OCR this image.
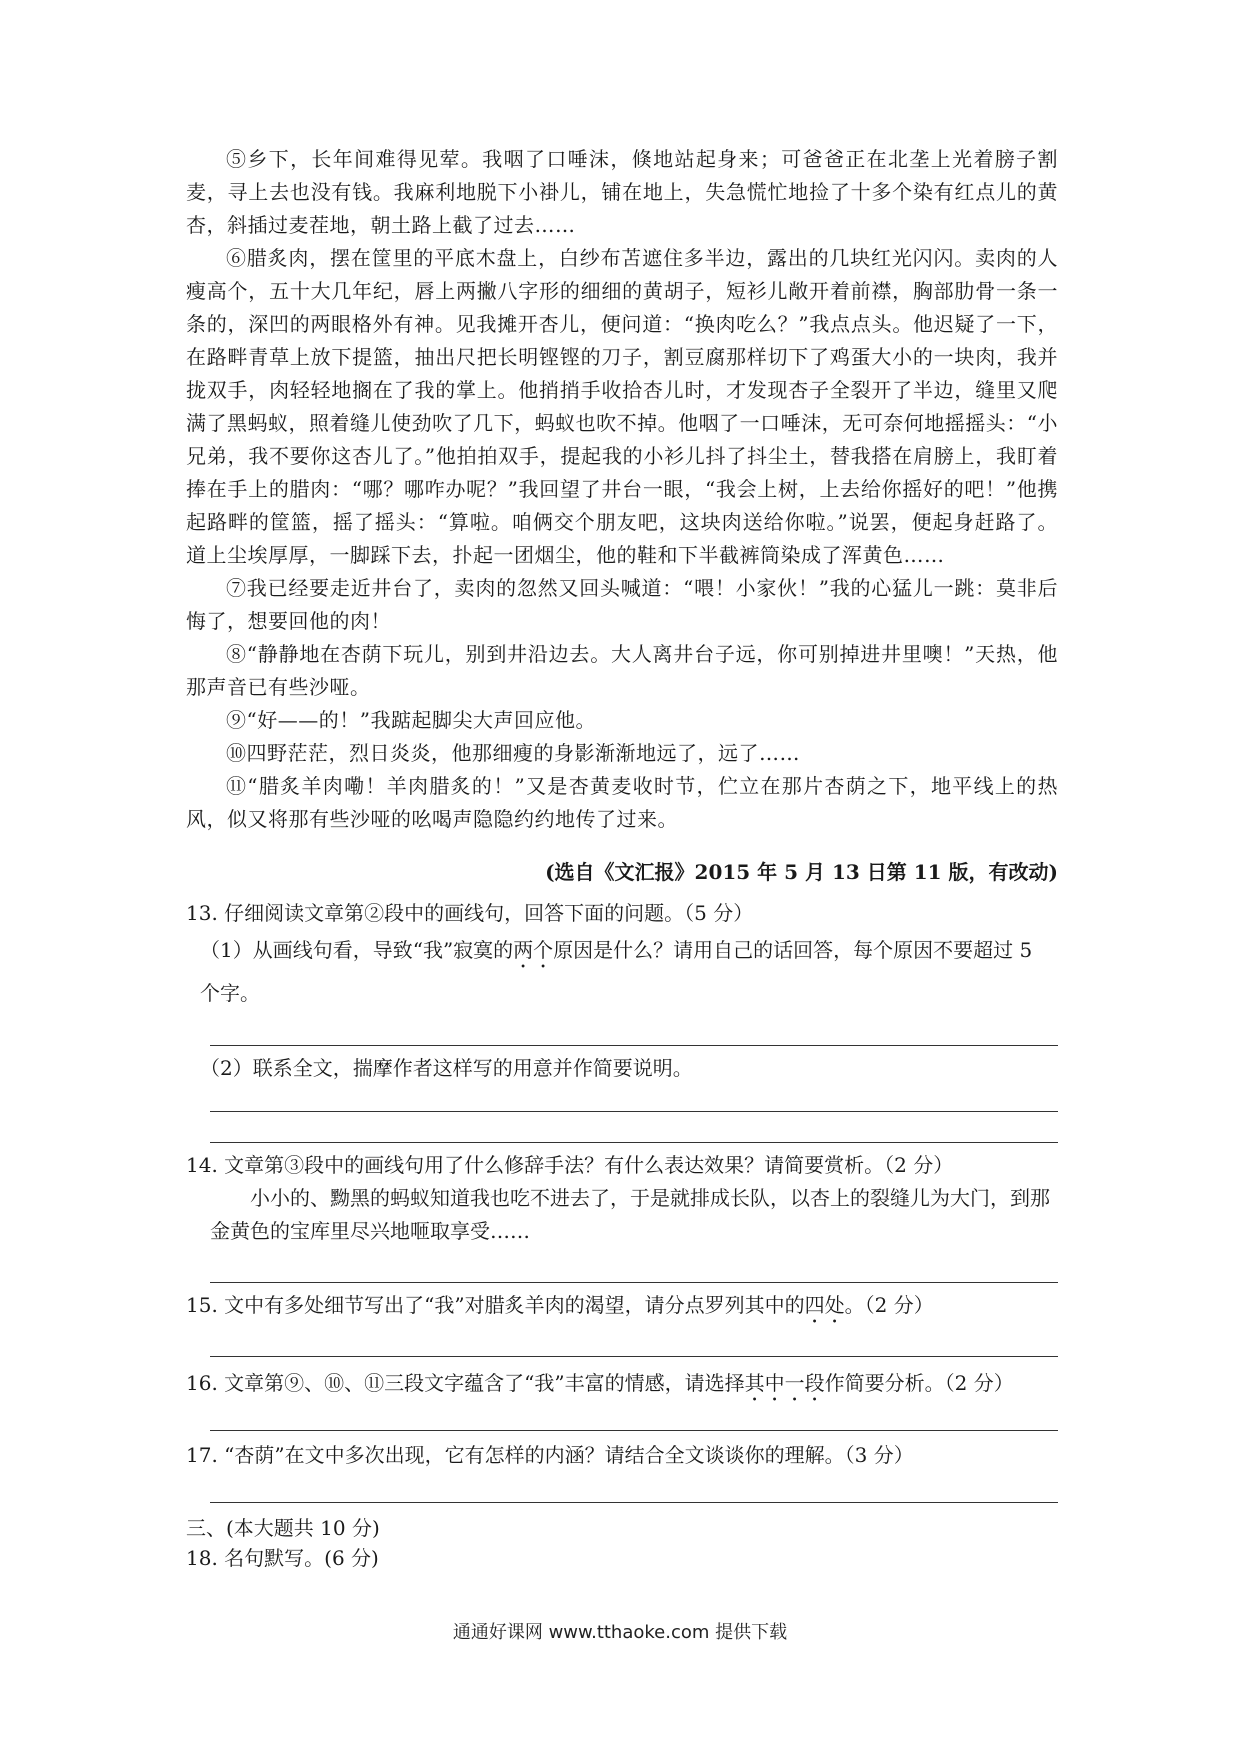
⑤乡下，长年间难得见荤。我咽了口唾沫，倏地站起身来；可爸爸正在北垄上光着膀子割麦，寻上去也没有钱。我麻利地脱下小褂儿，铺在地上，失急慌忙地捡了十多个染有红点儿的黄杏，斜插过麦茬地，朝土路上截了过去……

⑥腊炙肉，摆在筐里的平底木盘上，白纱布苫遮住多半边，露出的几块红光闪闪。卖肉的人瘦高个，五十大几年纪，唇上两撇八字形的细细的黄胡子，短衫儿敞开着前襟，胸部肋骨一条一条的，深凹的两眼格外有神。见我摊开杏儿，便问道：“换肉吃么？”我点点头。他迟疑了一下，在路畔青草上放下提篮，抽出尺把长明铿铿的刀子，割豆腐那样切下了鸡蛋大小的一块肉，我并拢双手，肉轻轻地搁在了我的掌上。他捎捎手收拾杏儿时，才发现杏子全裂开了半边，缝里又爬满了黑蚂蚁，照着缝儿使劲吹了几下，蚂蚁也吹不掉。他咽了一口唾沫，无可奈何地摇摇头：“小兄弟，我不要你这杏儿了。”他拍拍双手，提起我的小衫儿抖了抖尘土，替我搭在肩膀上，我盯着捧在手上的腊肉：“哪？哪咋办呢？”我回望了井台一眼，“我会上树，上去给你摇好的吧！”他携起路畔的筐篮，摇了摇头：“算啦。咱俩交个朋友吧，这块肉送给你啦。”说罢，便起身赶路了。道上尘埃厚厚，一脚踩下去，扑起一团烟尘，他的鞋和下半截裤筒染成了浑黄色……

⑦我已经要走近井台了，卖肉的忽然又回头喊道：“喂！小家伙！”我的心猛儿一跳：莫非后悔了，想要回他的肉！

⑧“静静地在杏荫下玩儿，别到井沿边去。大人离井台子远，你可别掉进井里噢！”天热，他那声音已有些沙哑。

⑨“好——的！”我踮起脚尖大声回应他。

⑩四野茫茫，烈日炎炎，他那细瘦的身影渐渐地远了，远了……

⑪“腊炙羊肉嘞！羊肉腊炙的！”又是杏黄麦收时节，伫立在那片杏荫之下，地平线上的热风，似又将那有些沙哑的吆喝声隐隐约约地传了过来。

(选自《文汇报》2015 年 5 月 13 日第 11 版，有改动)

13. 仔细阅读文章第②段中的画线句，回答下面的问题。（5 分）

（1）从画线句看，导致“我”寂寞的两个原因是什么？请用自己的话回答，每个原因不要超过 5 个字。

（2）联系全文，揣摩作者这样写的用意并作简要说明。

14. 文章第③段中的画线句用了什么修辞手法？有什么表达效果？请简要赏析。（2 分）

小小的、黝黑的蚂蚁知道我也吃不进去了，于是就排成长队，以杏上的裂缝儿为大门，到那金黄色的宝库里尽兴地咂取享受……

15. 文中有多处细节写出了“我”对腊炙羊肉的渴望，请分点罗列其中的四处。（2 分）

16. 文章第⑨、⑩、⑪三段文字蕴含了“我”丰富的情感，请选择其中一段作简要分析。（2 分）

17. “杏荫”在文中多次出现，它有怎样的内涵？请结合全文谈谈你的理解。（3 分）

三、(本大题共 10 分)

18. 名句默写。(6 分)

通通好课网 www.tthaoke.com 提供下载
